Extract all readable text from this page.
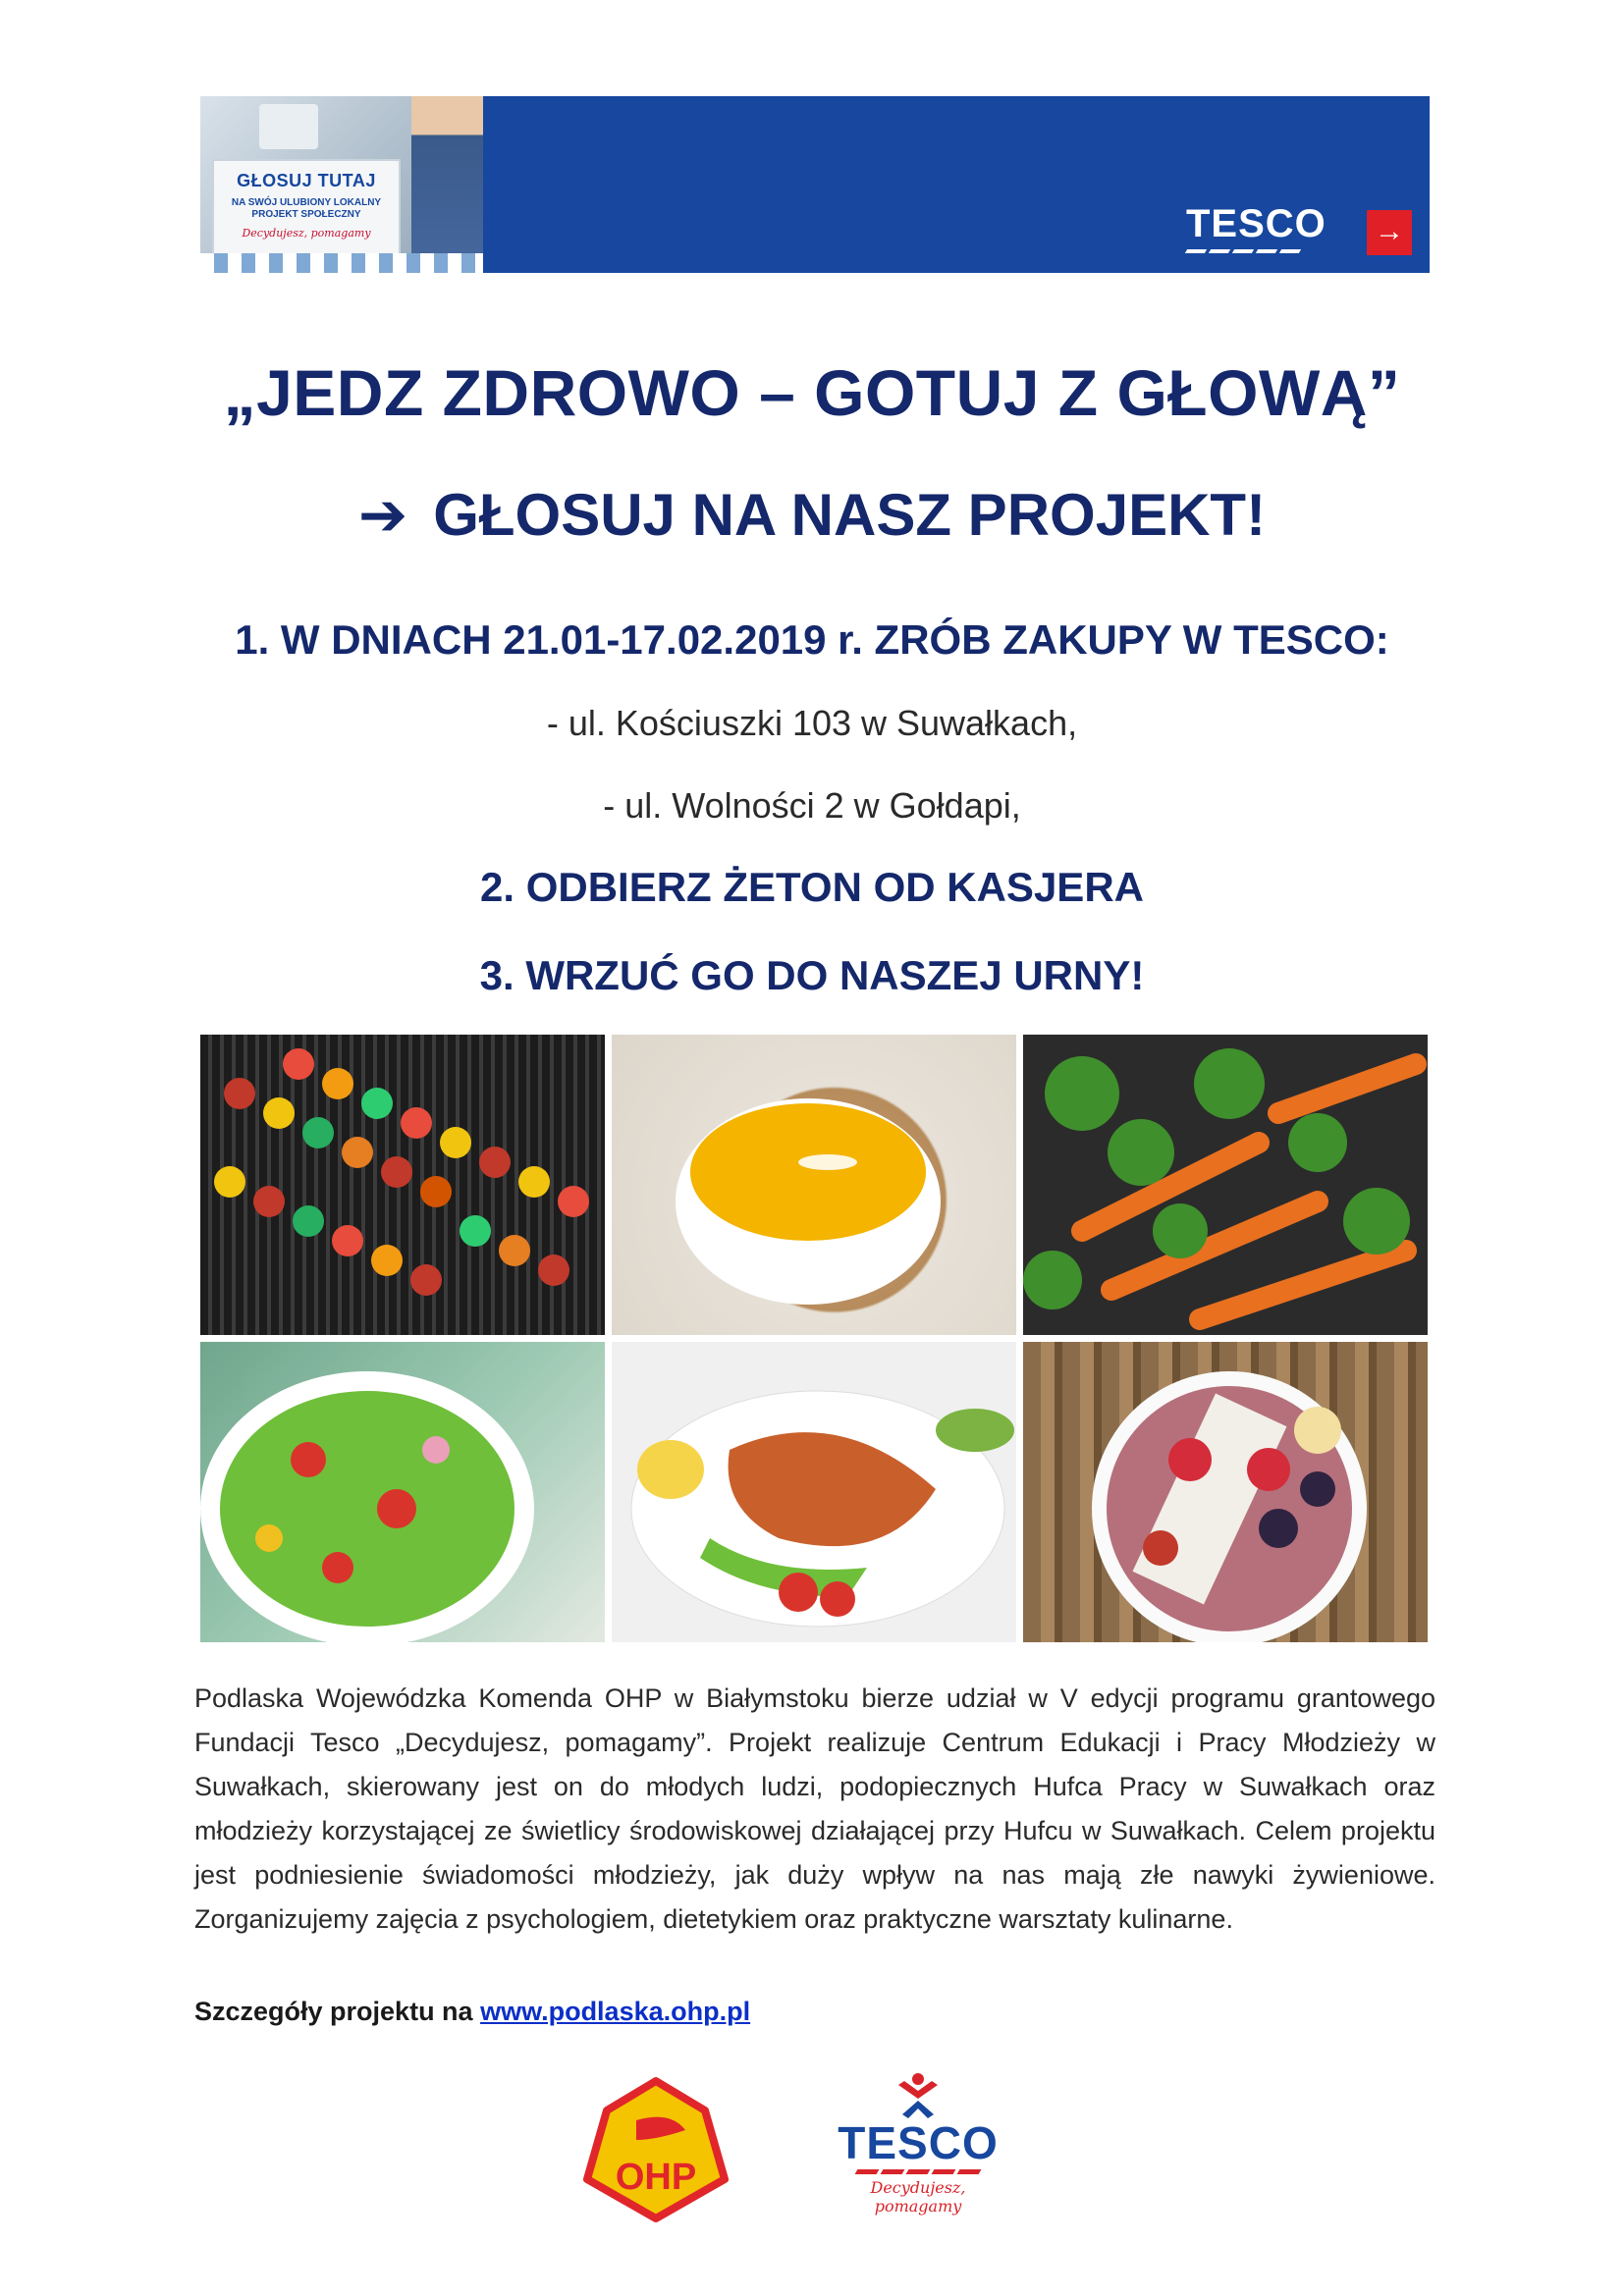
GŁOSUJ TUTAJ
NA SWÓJ ULUBIONY LOKALNY PROJEKT SPOŁECZNY
Decydujesz, pomagamy	TESCO →
„JEDZ ZDROWO – GOTUJ Z GŁOWĄ”
➔ GŁOSUJ NA NASZ PROJEKT!
1. W DNIACH 21.01-17.02.2019 r. ZRÓB ZAKUPY W TESCO:
- ul. Kościuszki 103 w Suwałkach,
- ul. Wolności 2 w Gołdapi,
2. ODBIERZ ŻETON OD KASJERA
3. WRZUĆ GO DO NASZEJ URNY!
Podlaska Wojewódzka Komenda OHP w Białymstoku bierze udział w V edycji programu grantowego Fundacji Tesco „Decydujesz, pomagamy”. Projekt realizuje Centrum Edukacji i Pracy Młodzieży w Suwałkach, skierowany jest on do młodych ludzi, podopiecznych Hufca Pracy w Suwałkach oraz młodzieży korzystającej ze świetlicy środowiskowej działającej przy Hufcu w Suwałkach. Celem projektu jest podniesienie świadomości młodzieży, jak duży wpływ na nas mają złe nawyki żywieniowe. Zorganizujemy zajęcia z psychologiem, dietetykiem oraz praktyczne warsztaty kulinarne.
Szczegóły projektu na www.podlaska.ohp.pl
OHP
TESCO
Decydujesz, pomagamy
